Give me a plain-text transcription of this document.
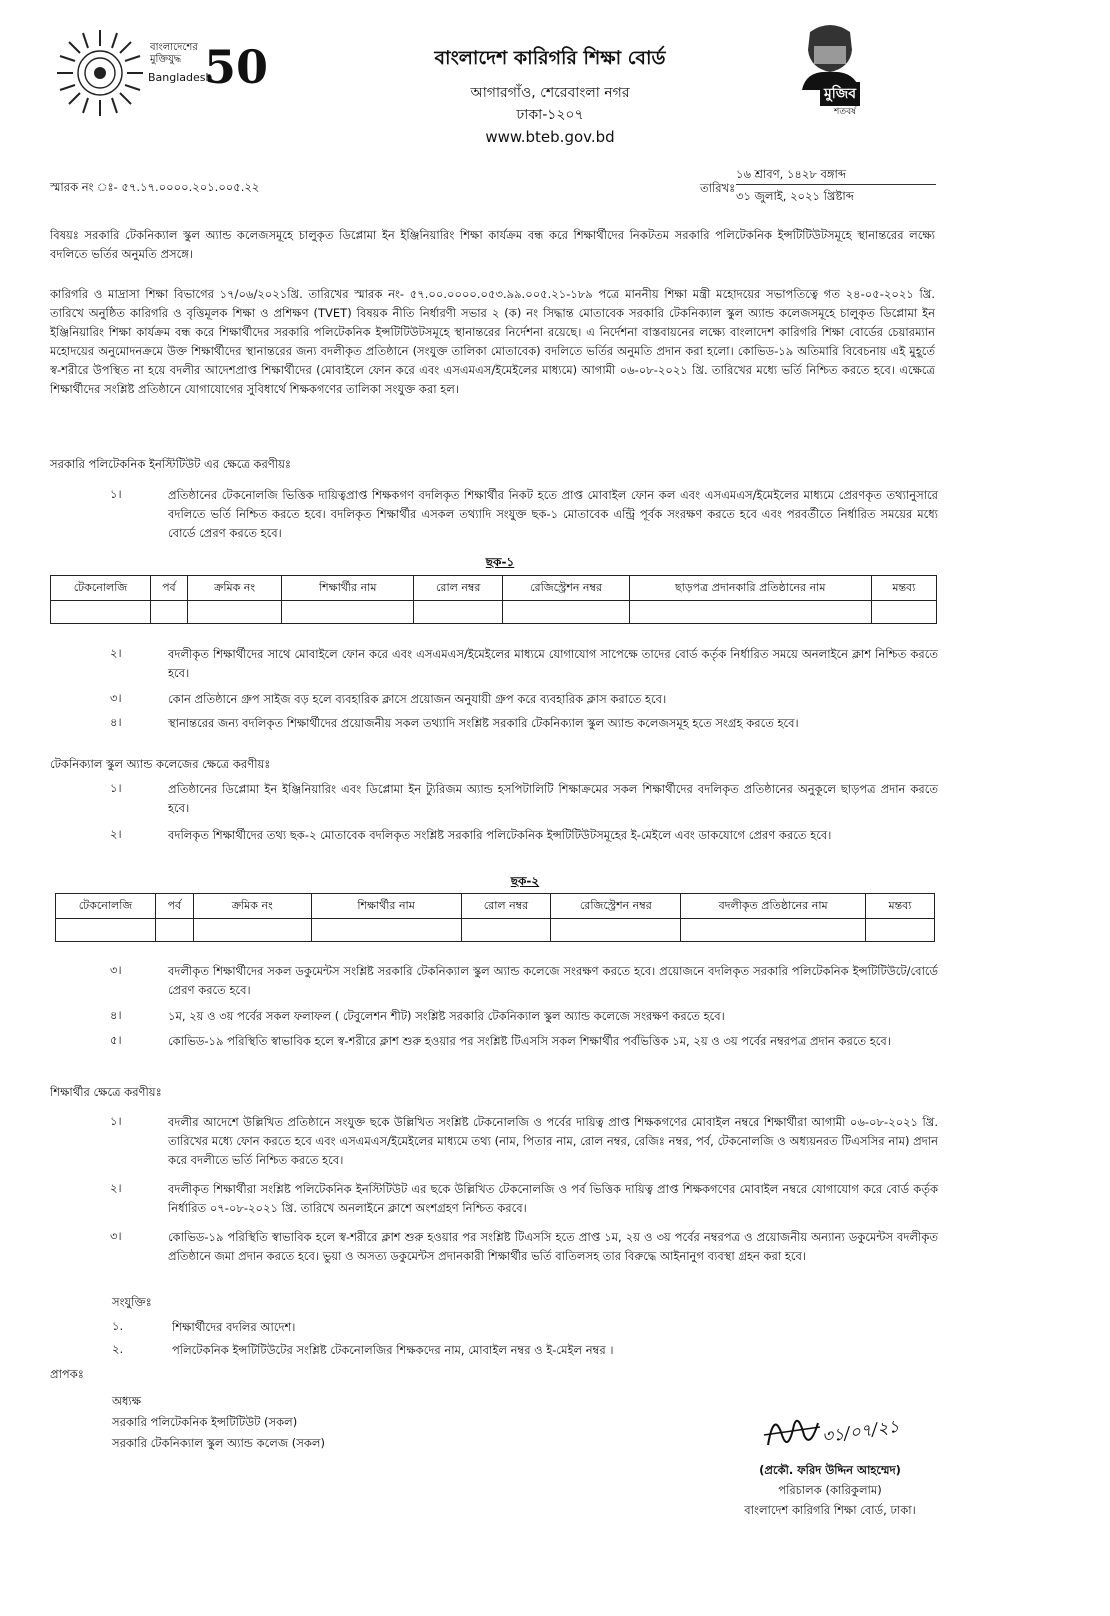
বাংলাদেশের
মুক্তিযুদ্ধ
Bangladesh
50	মুজিব
শতবর্ষ
বাংলাদেশ কারিগরি শিক্ষা বোর্ড
আগারগাঁও, শেরেবাংলা নগর
ঢাকা-১২০৭
www.bteb.gov.bd
স্মারক নং ঃ- ৫৭.১৭.০০০০.২০১.০০৫.২২	তারিখঃ
১৬ শ্রাবণ, ১৪২৮ বঙ্গাব্দ
৩১ জুলাই, ২০২১ খ্রিষ্টাব্দ
বিষয়ঃ সরকারি টেকনিক্যাল স্কুল অ্যান্ড কলেজসমূহে চালুকৃত ডিপ্লোমা ইন ইঞ্জিনিয়ারিং শিক্ষা কার্যক্রম বন্ধ করে শিক্ষার্থীদের নিকটতম সরকারি পলিটেকনিক ইন্সটিটিউটসমূহে স্থানান্তরের লক্ষ্যে বদলিতে ভর্তির অনুমতি প্রসঙ্গে।
কারিগরি ও মাদ্রাসা শিক্ষা বিভাগের ১৭/০৬/২০২১খ্রি. তারিখের স্মারক নং- ৫৭.০০.০০০০.০৫৩.৯৯.০০৫.২১-১৮৯ পত্রে মাননীয় শিক্ষা মন্ত্রী মহোদয়ের সভাপতিত্বে গত ২৪-০৫-২০২১ খ্রি. তারিখে অনুষ্ঠিত কারিগরি ও বৃত্তিমূলক শিক্ষা ও প্রশিক্ষণ (TVET) বিষয়ক নীতি নির্ধারণী সভার ২ (ক) নং সিদ্ধান্ত মোতাবেক সরকারি টেকনিক্যাল স্কুল অ্যান্ড কলেজসমূহে চালুকৃত ডিপ্লোমা ইন ইঞ্জিনিয়ারিং শিক্ষা কার্যক্রম বন্ধ করে শিক্ষার্থীদের সরকারি পলিটেকনিক ইন্সটিটিউটসমূহে স্থানান্তরের নির্দেশনা রয়েছে। এ নির্দেশনা বাস্তবায়নের লক্ষ্যে বাংলাদেশ কারিগরি শিক্ষা বোর্ডের চেয়ারম্যান মহোদয়ের অনুমোদনক্রমে উক্ত শিক্ষার্থীদের স্থানান্তরের জন্য বদলীকৃত প্রতিষ্ঠানে (সংযুক্ত তালিকা মোতাবেক) বদলিতে ভর্তির অনুমতি প্রদান করা হলো। কোভিড-১৯ অতিমারি বিবেচনায় এই মুহূর্তে স্ব-শরীরে উপস্থিত না হয়ে বদলীর আদেশপ্রাপ্ত শিক্ষার্থীদের (মোবাইলে ফোন করে এবং এসএমএস/ইমেইলের মাধ্যমে) আগামী ০৬-০৮-২০২১ খ্রি. তারিখের মধ্যে ভর্তি নিশ্চিত করতে হবে। এক্ষেত্রে শিক্ষার্থীদের সংশ্লিষ্ট প্রতিষ্ঠানে যোগাযোগের সুবিধার্থে শিক্ষকগণের তালিকা সংযুক্ত করা হল।
সরকারি পলিটেকনিক ইনস্টিটিউট এর ক্ষেত্রে করণীয়ঃ
১।	প্রতিষ্ঠানের টেকনোলজি ভিত্তিক দায়িত্বপ্রাপ্ত শিক্ষকগণ বদলিকৃত শিক্ষার্থীর নিকট হতে প্রাপ্ত মোবাইল ফোন কল এবং এসএমএস/ইমেইলের মাধ্যমে প্রেরণকৃত তথ্যানুসারে বদলিতে ভর্তি নিশ্চিত করতে হবে। বদলিকৃত শিক্ষার্থীর এসকল তথ্যাদি সংযুক্ত ছক-১ মোতাবেক এন্ট্রি পূর্বক সংরক্ষণ করতে হবে এবং পরবর্তীতে নির্ধারিত সময়ের মধ্যে বোর্ডে প্রেরণ করতে হবে।
ছক-১
টেকনোলজি	পর্ব	ক্রমিক নং	শিক্ষার্থীর নাম	রোল নম্বর	রেজিস্ট্রেশন নম্বর	ছাড়পত্র প্রদানকারি প্রতিষ্ঠানের নাম	মন্তব্য

২।	বদলীকৃত শিক্ষার্থীদের সাথে মোবাইলে ফোন করে এবং এসএমএস/ইমেইলের মাধ্যমে যোগাযোগ সাপেক্ষে তাদের বোর্ড কর্তৃক নির্ধারিত সময়ে অনলাইনে ক্লাশ নিশ্চিত করতে হবে।
৩।	কোন প্রতিষ্ঠানে গ্রুপ সাইজ বড় হলে ব্যবহারিক ক্লাসে প্রয়োজন অনুযায়ী গ্রুপ করে ব্যবহারিক ক্লাস করাতে হবে।
৪।	স্থানান্তরের জন্য বদলিকৃত শিক্ষার্থীদের প্রয়োজনীয় সকল তথ্যাদি সংশ্লিষ্ট সরকারি টেকনিক্যাল স্কুল অ্যান্ড কলেজসমূহ হতে সংগ্রহ করতে হবে।
টেকনিক্যাল স্কুল অ্যান্ড কলেজের ক্ষেত্রে করণীয়ঃ
১।	প্রতিষ্ঠানের ডিপ্লোমা ইন ইঞ্জিনিয়ারিং এবং ডিপ্লোমা ইন ট্যুরিজম অ্যান্ড হসপিটালিটি শিক্ষাক্রমের সকল শিক্ষার্থীদের বদলিকৃত প্রতিষ্ঠানের অনুকূলে ছাড়পত্র প্রদান করতে হবে।
২।	বদলিকৃত শিক্ষার্থীদের তথ্য ছক-২ মোতাবেক বদলিকৃত সংশ্লিষ্ট সরকারি পলিটেকনিক ইন্সটিটিউটসমূহের ই-মেইলে এবং ডাকযোগে প্রেরণ করতে হবে।
ছক-২
টেকনোলজি	পর্ব	ক্রমিক নং	শিক্ষার্থীর নাম	রোল নম্বর	রেজিস্ট্রেশন নম্বর	বদলীকৃত প্রতিষ্ঠানের নাম	মন্তব্য

৩।	বদলীকৃত শিক্ষার্থীদের সকল ডকুমেন্টস সংশ্লিষ্ট সরকারি টেকনিক্যাল স্কুল অ্যান্ড কলেজে সংরক্ষণ করতে হবে। প্রয়োজনে বদলিকৃত সরকারি পলিটেকনিক ইন্সটিটিউটে/বোর্ডে প্রেরণ করতে হবে।
৪।	১ম, ২য় ও ৩য় পর্বের সকল ফলাফল ( টেবুলেশন শীট) সংশ্লিষ্ট সরকারি টেকনিক্যাল স্কুল অ্যান্ড কলেজে সংরক্ষণ করতে হবে।
৫।	কোভিড-১৯ পরিস্থিতি স্বাভাবিক হলে স্ব-শরীরে ক্লাশ শুরু হওয়ার পর সংশ্লিষ্ট টিএসসি সকল শিক্ষার্থীর পর্বভিত্তিক ১ম, ২য় ও ৩য় পর্বের নম্বরপত্র প্রদান করতে হবে।
শিক্ষার্থীর ক্ষেত্রে করণীয়ঃ
১।	বদলীর আদেশে উল্লিখিত প্রতিষ্ঠানে সংযুক্ত ছকে উল্লিখিত সংশ্লিষ্ট টেকনোলজি ও পর্বের দায়িত্ব প্রাপ্ত শিক্ষকগণের মোবাইল নম্বরে শিক্ষার্থীরা আগামী ০৬-০৮-২০২১ খ্রি. তারিখের মধ্যে ফোন করতে হবে এবং এসএমএস/ইমেইলের মাধ্যমে তথ্য (নাম, পিতার নাম, রোল নম্বর, রেজিঃ নম্বর, পর্ব, টেকনোলজি ও অধ্যয়নরত টিএসসির নাম) প্রদান করে বদলীতে ভর্তি নিশ্চিত করতে হবে।
২।	বদলীকৃত শিক্ষার্থীরা সংশ্লিষ্ট পলিটেকনিক ইনস্টিটিউট এর ছকে উল্লিখিত টেকনোলজি ও পর্ব ভিত্তিক দায়িত্ব প্রাপ্ত শিক্ষকগণের মোবাইল নম্বরে যোগাযোগ করে বোর্ড কর্তৃক নির্ধারিত ০৭-০৮-২০২১ খ্রি. তারিখে অনলাইনে ক্লাশে অংশগ্রহণ নিশ্চিত করবে।
৩।	কোভিড-১৯ পরিস্থিতি স্বাভাবিক হলে স্ব-শরীরে ক্লাশ শুরু হওয়ার পর সংশ্লিষ্ট টিএসসি হতে প্রাপ্ত ১ম, ২য় ও ৩য় পর্বের নম্বরপত্র ও প্রয়োজনীয় অন্যান্য ডকুমেন্টস বদলীকৃত প্রতিষ্ঠানে জমা প্রদান করতে হবে। ভুয়া ও অসত্য ডকুমেন্টস প্রদানকারী শিক্ষার্থীর ভর্তি বাতিলসহ তার বিরুদ্ধে আইনানুগ ব্যবস্থা গ্রহন করা হবে।
সংযুক্তিঃ
১.	শিক্ষার্থীদের বদলির আদেশ।
২.	পলিটেকনিক ইন্সটিটিউটের সংশ্লিষ্ট টেকনোলজির শিক্ষকদের নাম, মোবাইল নম্বর ও ই-মেইল নম্বর ।
প্রাপকঃ
অধ্যক্ষ
সরকারি পলিটেকনিক ইন্সটিটিউট (সকল)
সরকারি টেকনিক্যাল স্কুল অ্যান্ড কলেজ (সকল)	৩১/০৭/২১
(প্রকৌ. ফরিদ উদ্দিন আহম্মেদ)
পরিচালক (কারিকুলাম)
বাংলাদেশ কারিগরি শিক্ষা বোর্ড, ঢাকা।
